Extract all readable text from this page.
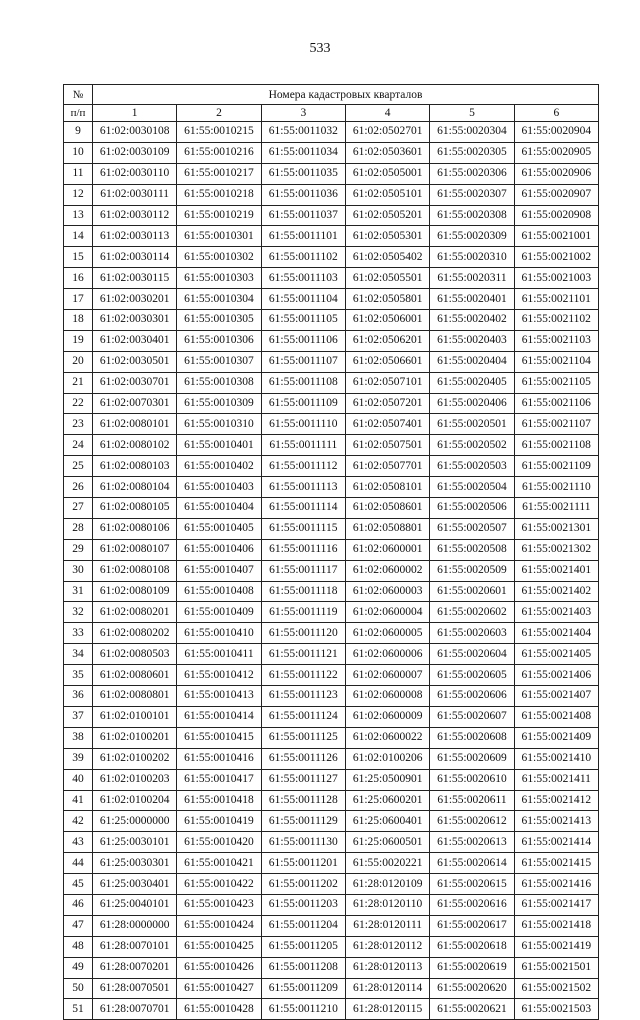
533
№	Номера кадастровых кварталов					
п/п	1	2	3	4	5	6
9	61:02:0030108	61:55:0010215	61:55:0011032	61:02:0502701	61:55:0020304	61:55:0020904
10	61:02:0030109	61:55:0010216	61:55:0011034	61:02:0503601	61:55:0020305	61:55:0020905
11	61:02:0030110	61:55:0010217	61:55:0011035	61:02:0505001	61:55:0020306	61:55:0020906
12	61:02:0030111	61:55:0010218	61:55:0011036	61:02:0505101	61:55:0020307	61:55:0020907
13	61:02:0030112	61:55:0010219	61:55:0011037	61:02:0505201	61:55:0020308	61:55:0020908
14	61:02:0030113	61:55:0010301	61:55:0011101	61:02:0505301	61:55:0020309	61:55:0021001
15	61:02:0030114	61:55:0010302	61:55:0011102	61:02:0505402	61:55:0020310	61:55:0021002
16	61:02:0030115	61:55:0010303	61:55:0011103	61:02:0505501	61:55:0020311	61:55:0021003
17	61:02:0030201	61:55:0010304	61:55:0011104	61:02:0505801	61:55:0020401	61:55:0021101
18	61:02:0030301	61:55:0010305	61:55:0011105	61:02:0506001	61:55:0020402	61:55:0021102
19	61:02:0030401	61:55:0010306	61:55:0011106	61:02:0506201	61:55:0020403	61:55:0021103
20	61:02:0030501	61:55:0010307	61:55:0011107	61:02:0506601	61:55:0020404	61:55:0021104
21	61:02:0030701	61:55:0010308	61:55:0011108	61:02:0507101	61:55:0020405	61:55:0021105
22	61:02:0070301	61:55:0010309	61:55:0011109	61:02:0507201	61:55:0020406	61:55:0021106
23	61:02:0080101	61:55:0010310	61:55:0011110	61:02:0507401	61:55:0020501	61:55:0021107
24	61:02:0080102	61:55:0010401	61:55:0011111	61:02:0507501	61:55:0020502	61:55:0021108
25	61:02:0080103	61:55:0010402	61:55:0011112	61:02:0507701	61:55:0020503	61:55:0021109
26	61:02:0080104	61:55:0010403	61:55:0011113	61:02:0508101	61:55:0020504	61:55:0021110
27	61:02:0080105	61:55:0010404	61:55:0011114	61:02:0508601	61:55:0020506	61:55:0021111
28	61:02:0080106	61:55:0010405	61:55:0011115	61:02:0508801	61:55:0020507	61:55:0021301
29	61:02:0080107	61:55:0010406	61:55:0011116	61:02:0600001	61:55:0020508	61:55:0021302
30	61:02:0080108	61:55:0010407	61:55:0011117	61:02:0600002	61:55:0020509	61:55:0021401
31	61:02:0080109	61:55:0010408	61:55:0011118	61:02:0600003	61:55:0020601	61:55:0021402
32	61:02:0080201	61:55:0010409	61:55:0011119	61:02:0600004	61:55:0020602	61:55:0021403
33	61:02:0080202	61:55:0010410	61:55:0011120	61:02:0600005	61:55:0020603	61:55:0021404
34	61:02:0080503	61:55:0010411	61:55:0011121	61:02:0600006	61:55:0020604	61:55:0021405
35	61:02:0080601	61:55:0010412	61:55:0011122	61:02:0600007	61:55:0020605	61:55:0021406
36	61:02:0080801	61:55:0010413	61:55:0011123	61:02:0600008	61:55:0020606	61:55:0021407
37	61:02:0100101	61:55:0010414	61:55:0011124	61:02:0600009	61:55:0020607	61:55:0021408
38	61:02:0100201	61:55:0010415	61:55:0011125	61:02:0600022	61:55:0020608	61:55:0021409
39	61:02:0100202	61:55:0010416	61:55:0011126	61:02:0100206	61:55:0020609	61:55:0021410
40	61:02:0100203	61:55:0010417	61:55:0011127	61:25:0500901	61:55:0020610	61:55:0021411
41	61:02:0100204	61:55:0010418	61:55:0011128	61:25:0600201	61:55:0020611	61:55:0021412
42	61:25:0000000	61:55:0010419	61:55:0011129	61:25:0600401	61:55:0020612	61:55:0021413
43	61:25:0030101	61:55:0010420	61:55:0011130	61:25:0600501	61:55:0020613	61:55:0021414
44	61:25:0030301	61:55:0010421	61:55:0011201	61:55:0020221	61:55:0020614	61:55:0021415
45	61:25:0030401	61:55:0010422	61:55:0011202	61:28:0120109	61:55:0020615	61:55:0021416
46	61:25:0040101	61:55:0010423	61:55:0011203	61:28:0120110	61:55:0020616	61:55:0021417
47	61:28:0000000	61:55:0010424	61:55:0011204	61:28:0120111	61:55:0020617	61:55:0021418
48	61:28:0070101	61:55:0010425	61:55:0011205	61:28:0120112	61:55:0020618	61:55:0021419
49	61:28:0070201	61:55:0010426	61:55:0011208	61:28:0120113	61:55:0020619	61:55:0021501
50	61:28:0070501	61:55:0010427	61:55:0011209	61:28:0120114	61:55:0020620	61:55:0021502
51	61:28:0070701	61:55:0010428	61:55:0011210	61:28:0120115	61:55:0020621	61:55:0021503
